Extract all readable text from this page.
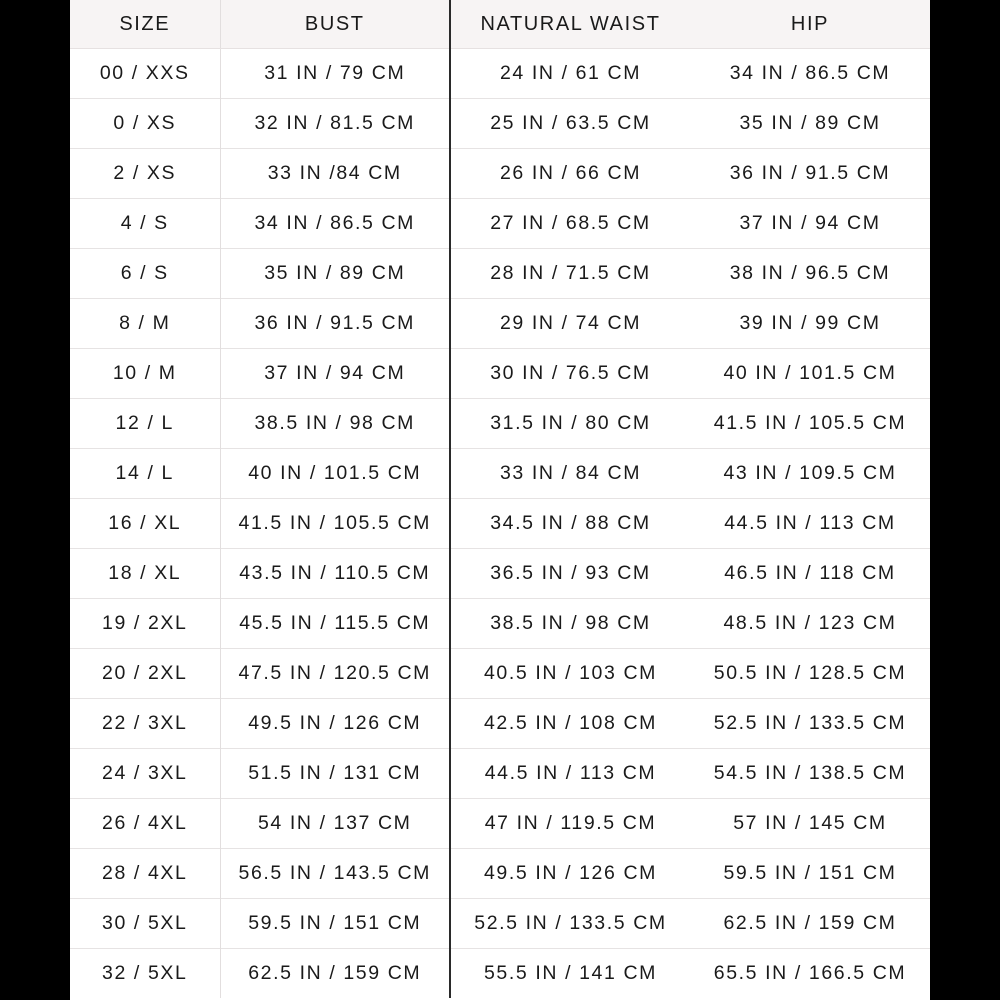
SIZE	BUST	NATURAL WAIST	HIP
00 / XXS	31 IN / 79 CM	24 IN / 61 CM	34 IN / 86.5 CM
0 / XS	32 IN / 81.5 CM	25 IN / 63.5 CM	35 IN / 89 CM
2 / XS	33 IN /84 CM	26 IN / 66 CM	36 IN / 91.5 CM
4 / S	34 IN / 86.5 CM	27 IN / 68.5 CM	37 IN / 94 CM
6 / S	35 IN / 89 CM	28 IN / 71.5 CM	38 IN / 96.5 CM
8 / M	36 IN / 91.5 CM	29 IN / 74 CM	39 IN / 99 CM
10 / M	37 IN / 94 CM	30 IN / 76.5 CM	40 IN / 101.5 CM
12 / L	38.5 IN / 98 CM	31.5 IN / 80 CM	41.5 IN / 105.5 CM
14 / L	40 IN / 101.5 CM	33 IN / 84 CM	43 IN / 109.5 CM
16 / XL	41.5 IN / 105.5 CM	34.5 IN / 88 CM	44.5 IN / 113 CM
18 / XL	43.5 IN / 110.5 CM	36.5 IN / 93 CM	46.5 IN / 118 CM
19 / 2XL	45.5 IN / 115.5 CM	38.5 IN / 98 CM	48.5 IN / 123 CM
20 / 2XL	47.5 IN / 120.5 CM	40.5 IN / 103 CM	50.5 IN / 128.5 CM
22 / 3XL	49.5 IN / 126 CM	42.5 IN / 108 CM	52.5 IN / 133.5 CM
24 / 3XL	51.5 IN / 131 CM	44.5 IN / 113 CM	54.5 IN / 138.5 CM
26 / 4XL	54 IN / 137 CM	47 IN / 119.5 CM	57 IN / 145 CM
28 / 4XL	56.5 IN / 143.5 CM	49.5 IN / 126 CM	59.5 IN / 151 CM
30 / 5XL	59.5 IN / 151 CM	52.5 IN / 133.5 CM	62.5 IN / 159 CM
32 / 5XL	62.5 IN / 159 CM	55.5 IN / 141 CM	65.5 IN / 166.5 CM
